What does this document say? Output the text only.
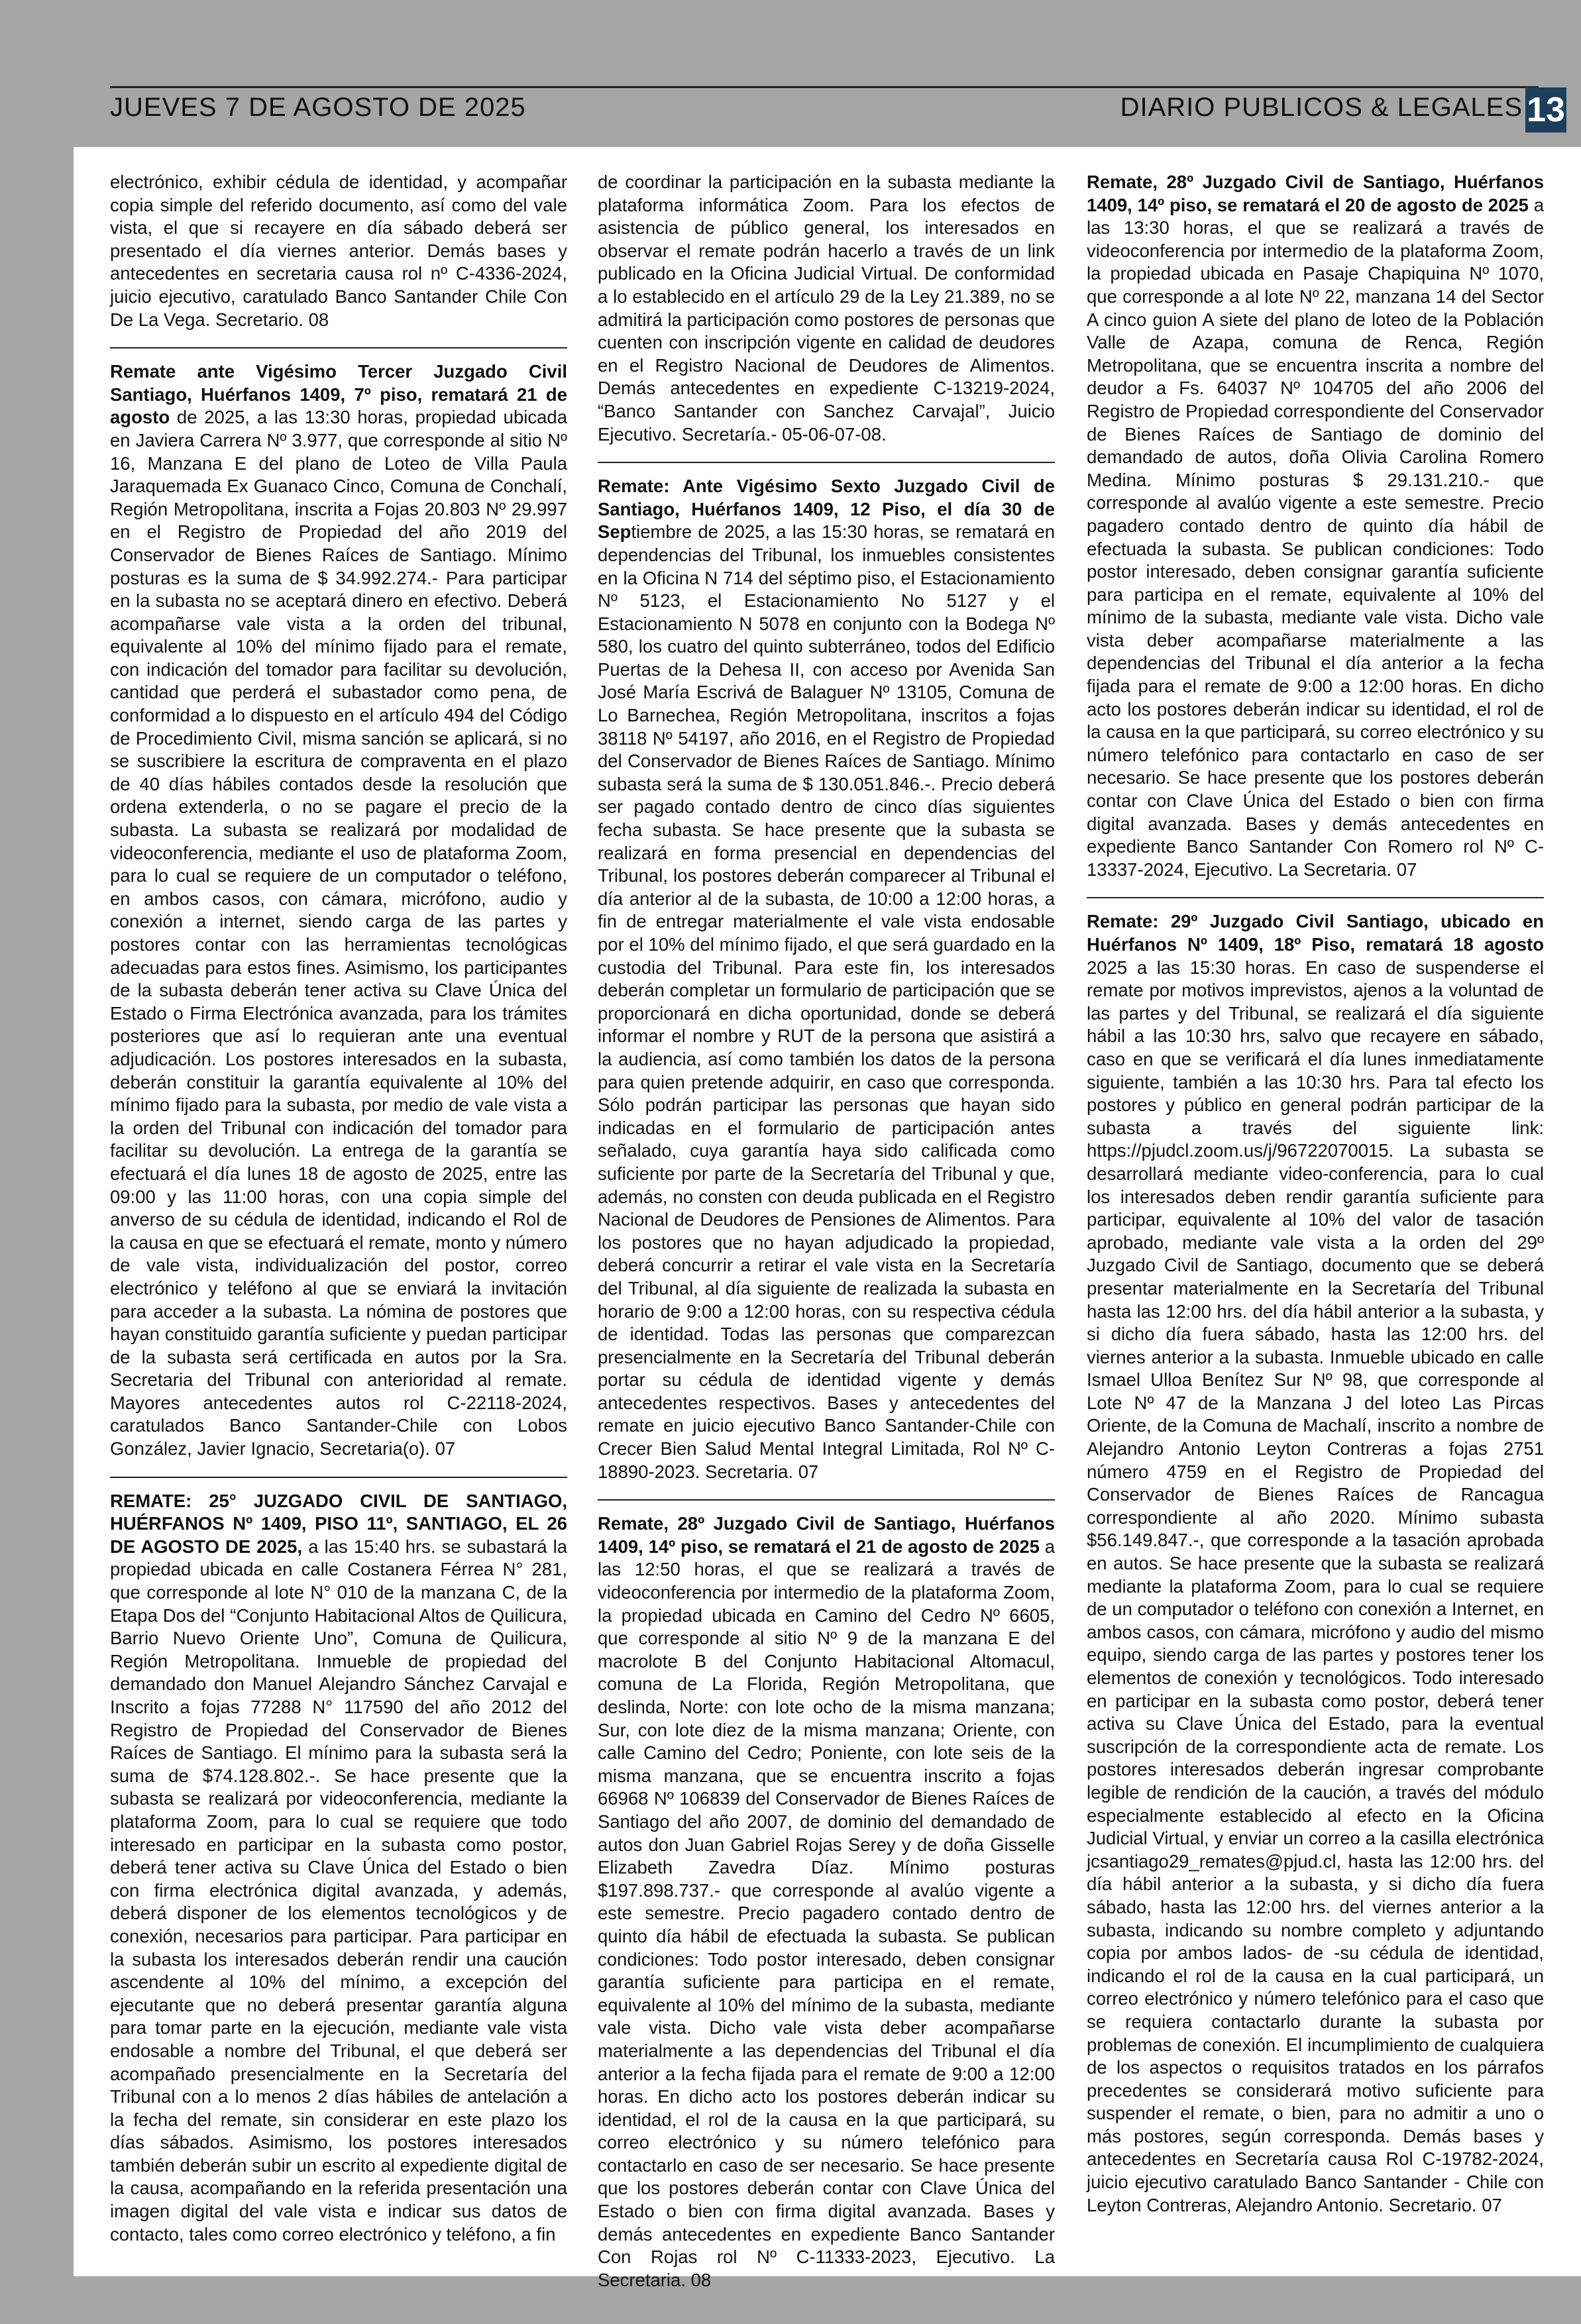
JUEVES 7 DE AGOSTO DE 2025	DIARIO PUBLICOS & LEGALES 13

electrónico, exhibir cédula de identidad, y acompañar copia simple del referido documento, así como del vale vista, el que si recayere en día sábado deberá ser presentado el día viernes anterior. Demás bases y antecedentes en secretaria causa rol nº C-4336-2024, juicio ejecutivo, caratulado Banco Santander Chile Con De La Vega. Secretario. 08

Remate ante Vigésimo Tercer Juzgado Civil Santiago, Huérfanos 1409, 7º piso, rematará 21 de agosto de 2025, a las 13:30 horas, propiedad ubicada en Javiera Carrera Nº 3.977, que corresponde al sitio Nº 16, Manzana E del plano de Loteo de Villa Paula Jaraquemada Ex Guanaco Cinco, Comuna de Conchalí, Región Metropolitana, inscrita a Fojas 20.803 Nº 29.997 en el Registro de Propiedad del año 2019 del Conservador de Bienes Raíces de Santiago. Mínimo posturas es la suma de $ 34.992.274.- Para participar en la subasta no se aceptará dinero en efectivo. Deberá acompañarse vale vista a la orden del tribunal, equivalente al 10% del mínimo fijado para el remate, con indicación del tomador para facilitar su devolución, cantidad que perderá el subastador como pena, de conformidad a lo dispuesto en el artículo 494 del Código de Procedimiento Civil, misma sanción se aplicará, si no se suscribiere la escritura de compraventa en el plazo de 40 días hábiles contados desde la resolución que ordena extenderla, o no se pagare el precio de la subasta. La subasta se realizará por modalidad de videoconferencia, mediante el uso de plataforma Zoom, para lo cual se requiere de un computador o teléfono, en ambos casos, con cámara, micrófono, audio y conexión a internet, siendo carga de las partes y postores contar con las herramientas tecnológicas adecuadas para estos fines. Asimismo, los participantes de la subasta deberán tener activa su Clave Única del Estado o Firma Electrónica avanzada, para los trámites posteriores que así lo requieran ante una eventual adjudicación. Los postores interesados en la subasta, deberán constituir la garantía equivalente al 10% del mínimo fijado para la subasta, por medio de vale vista a la orden del Tribunal con indicación del tomador para facilitar su devolución. La entrega de la garantía se efectuará el día lunes 18 de agosto de 2025, entre las 09:00 y las 11:00 horas, con una copia simple del anverso de su cédula de identidad, indicando el Rol de la causa en que se efectuará el remate, monto y número de vale vista, individualización del postor, correo electrónico y teléfono al que se enviará la invitación para acceder a la subasta. La nómina de postores que hayan constituido garantía suficiente y puedan participar de la subasta será certificada en autos por la Sra. Secretaria del Tribunal con anterioridad al remate. Mayores antecedentes autos rol C-22118-2024, caratulados Banco Santander-Chile con Lobos González, Javier Ignacio, Secretaria(o). 07

REMATE: 25° JUZGADO CIVIL DE SANTIAGO, HUÉRFANOS Nº 1409, PISO 11º, SANTIAGO, EL 26 DE AGOSTO DE 2025, a las 15:40 hrs. se subastará la propiedad ubicada en calle Costanera Férrea N° 281, que corresponde al lote N° 010 de la manzana C, de la Etapa Dos del “Conjunto Habitacional Altos de Quilicura, Barrio Nuevo Oriente Uno”, Comuna de Quilicura, Región Metropolitana. Inmueble de propiedad del demandado don Manuel Alejandro Sánchez Carvajal e Inscrito a fojas 77288 N° 117590 del año 2012 del Registro de Propiedad del Conservador de Bienes Raíces de Santiago. El mínimo para la subasta será la suma de $74.128.802.-. Se hace presente que la subasta se realizará por videoconferencia, mediante la plataforma Zoom, para lo cual se requiere que todo interesado en participar en la subasta como postor, deberá tener activa su Clave Única del Estado o bien con firma electrónica digital avanzada, y además, deberá disponer de los elementos tecnológicos y de conexión, necesarios para participar. Para participar en la subasta los interesados deberán rendir una caución ascendente al 10% del mínimo, a excepción del ejecutante que no deberá presentar garantía alguna para tomar parte en la ejecución, mediante vale vista endosable a nombre del Tribunal, el que deberá ser acompañado presencialmente en la Secretaría del Tribunal con a lo menos 2 días hábiles de antelación a la fecha del remate, sin considerar en este plazo los días sábados. Asimismo, los postores interesados también deberán subir un escrito al expediente digital de la causa, acompañando en la referida presentación una imagen digital del vale vista e indicar sus datos de contacto, tales como correo electrónico y teléfono, a fin

de coordinar la participación en la subasta mediante la plataforma informática Zoom. Para los efectos de asistencia de público general, los interesados en observar el remate podrán hacerlo a través de un link publicado en la Oficina Judicial Virtual. De conformidad a lo establecido en el artículo 29 de la Ley 21.389, no se admitirá la participación como postores de personas que cuenten con inscripción vigente en calidad de deudores en el Registro Nacional de Deudores de Alimentos. Demás antecedentes en expediente C-13219-2024, “Banco Santander con Sanchez Carvajal”, Juicio Ejecutivo. Secretaría.- 05-06-07-08.

Remate: Ante Vigésimo Sexto Juzgado Civil de Santiago, Huérfanos 1409, 12 Piso, el día 30 de Septiembre de 2025, a las 15:30 horas, se rematará en dependencias del Tribunal, los inmuebles consistentes en la Oficina N 714 del séptimo piso, el Estacionamiento Nº 5123, el Estacionamiento No 5127 y el Estacionamiento N 5078 en conjunto con la Bodega Nº 580, los cuatro del quinto subterráneo, todos del Edificio Puertas de la Dehesa II, con acceso por Avenida San José María Escrivá de Balaguer Nº 13105, Comuna de Lo Barnechea, Región Metropolitana, inscritos a fojas 38118 Nº 54197, año 2016, en el Registro de Propiedad del Conservador de Bienes Raíces de Santiago. Mínimo subasta será la suma de $ 130.051.846.-. Precio deberá ser pagado contado dentro de cinco días siguientes fecha subasta. Se hace presente que la subasta se realizará en forma presencial en dependencias del Tribunal, los postores deberán comparecer al Tribunal el día anterior al de la subasta, de 10:00 a 12:00 horas, a fin de entregar materialmente el vale vista endosable por el 10% del mínimo fijado, el que será guardado en la custodia del Tribunal. Para este fin, los interesados deberán completar un formulario de participación que se proporcionará en dicha oportunidad, donde se deberá informar el nombre y RUT de la persona que asistirá a la audiencia, así como también los datos de la persona para quien pretende adquirir, en caso que corresponda. Sólo podrán participar las personas que hayan sido indicadas en el formulario de participación antes señalado, cuya garantía haya sido calificada como suficiente por parte de la Secretaría del Tribunal y que, además, no consten con deuda publicada en el Registro Nacional de Deudores de Pensiones de Alimentos. Para los postores que no hayan adjudicado la propiedad, deberá concurrir a retirar el vale vista en la Secretaría del Tribunal, al día siguiente de realizada la subasta en horario de 9:00 a 12:00 horas, con su respectiva cédula de identidad. Todas las personas que comparezcan presencialmente en la Secretaría del Tribunal deberán portar su cédula de identidad vigente y demás antecedentes respectivos. Bases y antecedentes del remate en juicio ejecutivo Banco Santander-Chile con Crecer Bien Salud Mental Integral Limitada, Rol Nº C-18890-2023. Secretaria. 07

Remate, 28º Juzgado Civil de Santiago, Huérfanos 1409, 14º piso, se rematará el 21 de agosto de 2025 a las 12:50 horas, el que se realizará a través de videoconferencia por intermedio de la plataforma Zoom, la propiedad ubicada en Camino del Cedro Nº 6605, que corresponde al sitio Nº 9 de la manzana E del macrolote B del Conjunto Habitacional Altomacul, comuna de La Florida, Región Metropolitana, que deslinda, Norte: con lote ocho de la misma manzana; Sur, con lote diez de la misma manzana; Oriente, con calle Camino del Cedro; Poniente, con lote seis de la misma manzana, que se encuentra inscrito a fojas 66968 Nº 106839 del Conservador de Bienes Raíces de Santiago del año 2007, de dominio del demandado de autos don Juan Gabriel Rojas Serey y de doña Gisselle Elizabeth Zavedra Díaz. Mínimo posturas $197.898.737.- que corresponde al avalúo vigente a este semestre. Precio pagadero contado dentro de quinto día hábil de efectuada la subasta. Se publican condiciones: Todo postor interesado, deben consignar garantía suficiente para participa en el remate, equivalente al 10% del mínimo de la subasta, mediante vale vista. Dicho vale vista deber acompañarse materialmente a las dependencias del Tribunal el día anterior a la fecha fijada para el remate de 9:00 a 12:00 horas. En dicho acto los postores deberán indicar su identidad, el rol de la causa en la que participará, su correo electrónico y su número telefónico para contactarlo en caso de ser necesario. Se hace presente que los postores deberán contar con Clave Única del Estado o bien con firma digital avanzada. Bases y demás antecedentes en expediente Banco Santander Con Rojas rol Nº C-11333-2023, Ejecutivo. La Secretaria. 08

Remate, 28º Juzgado Civil de Santiago, Huérfanos 1409, 14º piso, se rematará el 20 de agosto de 2025 a las 13:30 horas, el que se realizará a través de videoconferencia por intermedio de la plataforma Zoom, la propiedad ubicada en Pasaje Chapiquina Nº 1070, que corresponde a al lote Nº 22, manzana 14 del Sector A cinco guion A siete del plano de loteo de la Población Valle de Azapa, comuna de Renca, Región Metropolitana, que se encuentra inscrita a nombre del deudor a Fs. 64037 Nº 104705 del año 2006 del Registro de Propiedad correspondiente del Conservador de Bienes Raíces de Santiago de dominio del demandado de autos, doña Olivia Carolina Romero Medina. Mínimo posturas $ 29.131.210.- que corresponde al avalúo vigente a este semestre. Precio pagadero contado dentro de quinto día hábil de efectuada la subasta. Se publican condiciones: Todo postor interesado, deben consignar garantía suficiente para participa en el remate, equivalente al 10% del mínimo de la subasta, mediante vale vista. Dicho vale vista deber acompañarse materialmente a las dependencias del Tribunal el día anterior a la fecha fijada para el remate de 9:00 a 12:00 horas. En dicho acto los postores deberán indicar su identidad, el rol de la causa en la que participará, su correo electrónico y su número telefónico para contactarlo en caso de ser necesario. Se hace presente que los postores deberán contar con Clave Única del Estado o bien con firma digital avanzada. Bases y demás antecedentes en expediente Banco Santander Con Romero rol Nº C-13337-2024, Ejecutivo. La Secretaria. 07

Remate: 29º Juzgado Civil Santiago, ubicado en Huérfanos Nº 1409, 18º Piso, rematará 18 agosto 2025 a las 15:30 horas. En caso de suspenderse el remate por motivos imprevistos, ajenos a la voluntad de las partes y del Tribunal, se realizará el día siguiente hábil a las 10:30 hrs, salvo que recayere en sábado, caso en que se verificará el día lunes inmediatamente siguiente, también a las 10:30 hrs. Para tal efecto los postores y público en general podrán participar de la subasta a través del siguiente link: https://pjudcl.zoom.us/j/96722070015. La subasta se desarrollará mediante video-conferencia, para lo cual los interesados deben rendir garantía suficiente para participar, equivalente al 10% del valor de tasación aprobado, mediante vale vista a la orden del 29º Juzgado Civil de Santiago, documento que se deberá presentar materialmente en la Secretaría del Tribunal hasta las 12:00 hrs. del día hábil anterior a la subasta, y si dicho día fuera sábado, hasta las 12:00 hrs. del viernes anterior a la subasta. Inmueble ubicado en calle Ismael Ulloa Benítez Sur Nº 98, que corresponde al Lote Nº 47 de la Manzana J del loteo Las Pircas Oriente, de la Comuna de Machalí, inscrito a nombre de Alejandro Antonio Leyton Contreras a fojas 2751 número 4759 en el Registro de Propiedad del Conservador de Bienes Raíces de Rancagua correspondiente al año 2020. Mínimo subasta $56.149.847.-, que corresponde a la tasación aprobada en autos. Se hace presente que la subasta se realizará mediante la plataforma Zoom, para lo cual se requiere de un computador o teléfono con conexión a Internet, en ambos casos, con cámara, micrófono y audio del mismo equipo, siendo carga de las partes y postores tener los elementos de conexión y tecnológicos. Todo interesado en participar en la subasta como postor, deberá tener activa su Clave Única del Estado, para la eventual suscripción de la correspondiente acta de remate. Los postores interesados deberán ingresar comprobante legible de rendición de la caución, a través del módulo especialmente establecido al efecto en la Oficina Judicial Virtual, y enviar un correo a la casilla electrónica jcsantiago29_remates@pjud.cl, hasta las 12:00 hrs. del día hábil anterior a la subasta, y si dicho día fuera sábado, hasta las 12:00 hrs. del viernes anterior a la subasta, indicando su nombre completo y adjuntando copia por ambos lados- de -su cédula de identidad, indicando el rol de la causa en la cual participará, un correo electrónico y número telefónico para el caso que se requiera contactarlo durante la subasta por problemas de conexión. El incumplimiento de cualquiera de los aspectos o requisitos tratados en los párrafos precedentes se considerará motivo suficiente para suspender el remate, o bien, para no admitir a uno o más postores, según corresponda. Demás bases y antecedentes en Secretaría causa Rol C-19782-2024, juicio ejecutivo caratulado Banco Santander - Chile con Leyton Contreras, Alejandro Antonio. Secretario. 07
